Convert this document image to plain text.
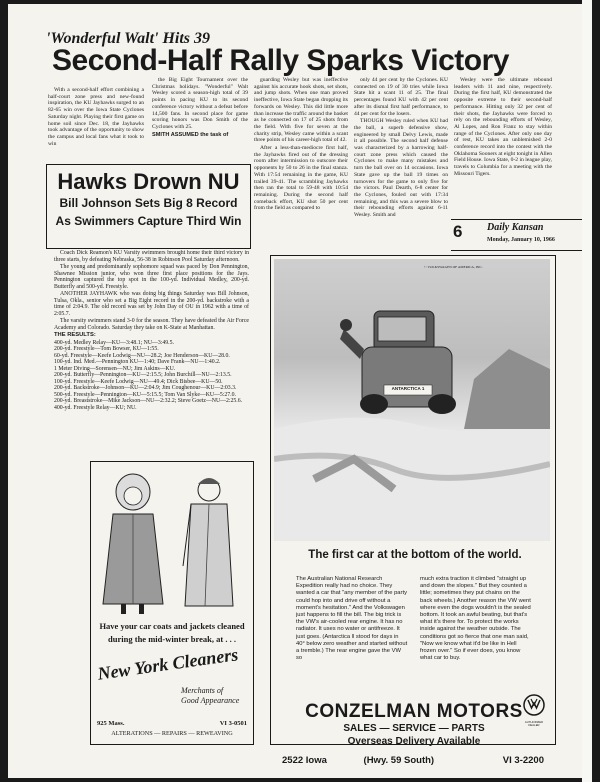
'Wonderful Walt' Hits 39
Second-Half Rally Sparks Victory

With a second-half effort combining a half-court zone press and new-found inspiration, the KU Jayhawks surged to an 82-65 win over the Iowa State Cyclones Saturday night. Playing their first game on home soil since Dec. 18, the Jayhawks took advantage of the opportunity to show the campus and local fans what it took to win

the Big Eight Tournament over the Christmas holidays. "Wonderful" Walt Wesley scored a season-high total of 39 points in pacing KU to its second conference victory without a defeat before 14,500 fans. In second place for game scoring honors was Don Smith of the Cyclones with 25.

SMITH ASSUMED the task of

guarding Wesley but was ineffective against his accurate hook shots, set shots, and jump shots. When one man proved ineffective, Iowa State began dropping its forwards on Wesley. This did little more than increase the traffic around the basket as he connected on 17 of 25 shots from the field. With five for seven at the charity strip, Wesley came within a scant three points of his career-high total of 42.

After a less-than-mediocre first half, the Jayhawks fired out of the dressing room after intermission to outscore their opponents by 50 to 26 in the final stanza. With 17:54 remaining in the game, KU trailed 39-41. The scrambling Jayhawks then ran the total to 59-48 with 10:54 remaining. During the second half comeback effort, KU shot 50 per cent from the field as compared to

only 44 per cent by the Cyclones. KU connected on 19 of 30 tries while Iowa State hit a scant 11 of 25. The final percentages found KU with 42 per cent after its dismal first half performance, to 44 per cent for the losers.

THOUGH Wesley ruled when KU had the ball, a superb defensive show, engineered by small Delvy Lewis, made it all possible. The second half defense was characterized by a harrowing half-court zone press which caused the Cyclones to make many mistakes and turn the ball over on 14 occasions. Iowa State gave up the ball 19 times on turnovers for the game to only five for the victors. Paul Dearth, 6-8 center for the Cyclones, fouled out with 17:34 remaining, and this was a severe blow to their rebounding efforts against 6-11 Wesley. Smith and

Wesley were the ultimate rebound leaders with 11 and nine, respectively. During the first half, KU demonstrated the opposite extreme to their second-half performance. Hitting only 32 per cent of their shots, the Jayhawks were forced to rely on the rebounding efforts of Wesley, Al Lopes, and Ron Franz to stay within range of the Cyclones. After only one day of rest, KU takes an unblemished 2-0 conference record into the contest with the Oklahoma Sooners at eight tonight in Allen Field House. Iowa State, 0-2 in league play, travels to Columbia for a meeting with the Missouri Tigers.

6 Daily Kansan
Monday, January 10, 1966
Hawks Drown NU
Bill Johnson Sets Big 8 Record
As Swimmers Capture Third Win

Coach Dick Reamon's KU Varsity swimmers brought home their third victory in three starts, by defeating Nebraska, 56-38 in Robinson Pool Saturday afternoon.

The young and predominantly sophomore squad was paced by Don Pennington, Shawnee Mission junior, who won three first place positions for the Jays. Pennington captured the top spot in the 100-yd. Individual Medley, 200-yd. Butterfly and 500-yd. Freestyle.

ANOTHER JAYHAWK who was doing big things Saturday was Bill Johnson, Tulsa, Okla., senior who set a Big Eight record in the 200-yd. backstroke with a time of 2:04.9. The old record was set by John Day of OU in 1962 with a time of 2:05.7.

The varsity swimmers stand 3-0 for the season. They have defeated the Air Force Academy and Colorado. Saturday they take on K-State at Manhattan.

THE RESULTS:

400-yd. Medley Relay—KU—3:48.1; NU—3:49.5.
200-yd. Freestyle—Tom Bowser, KU—1:55.
60-yd. Freestyle—Keefe Lodwig—NU—28.2; Joe Henderson—KU—28.0.
100-yd. Ind. Med.—Pennington KU—1:40; Dave Frank—NU—1:40.2.
1 Meter Diving—Sorensen—NU; Jim Askins—KU.
200-yd. Butterfly—Pennington—KU—2:15.5; John Burchill—NU—2:13.5.
100-yd. Freestyle—Keefe Lodwig—NU—49.4; Dick Bisbee—KU—50.
200-yd. Backstroke—Johnson—KU—2:04.9; Jim Coughenour—KU—2:03.3.
500-yd. Freestyle—Pennington—KU—5:15.5; Tom Van Slyke—KU—5:27.0.
200-yd. Breaststroke—Mike Jackson—NU—2:32.2; Steve Goetz—NU—2:25.6.
400-yd. Freestyle Relay—KU; NU.
Have your car coats and jackets cleaned
during the mid-winter break, at . . .
New York Cleaners
Merchants of
Good Appearance
925 Mass.	VI 3-0501
ALTERATIONS — REPAIRS — REWEAVING
© VOLKSWAGEN OF AMERICA, INC.
ANTARCTICA 1
The first car at the bottom of the world.

The Australian National Research Expedition really had no choice. They wanted a car that "any member of the party could hop into and drive off without a moment's hesitation." And the Volkswagen just happens to fill the bill. The big trick is the VW's air-cooled rear engine. It has no radiator. It uses no water or antifreeze. It just goes. (Antarctica ll stood for days in 40° below zero weather and started without a tremble.) The rear engine gave the VW so

much extra traction it climbed "straight up and down the slopes." But they counted a little; sometimes they put chains on the back wheels.) Another reason the VW went where even the dogs wouldn't is the sealed bottom. It took an awful beating, but that's what it's there for. To protect the works inside against the weather outside. The conditions got so fierce that one man said, "Now we know what it'd be like in Hell frozen over." So if ever does, you know what car to buy.

CONZELMAN MOTORS
SALES — SERVICE — PARTS
Overseas Delivery Available
2522 Iowa	(Hwy. 59 South)	VI 3-2200
AUTHORIZED DEALER
